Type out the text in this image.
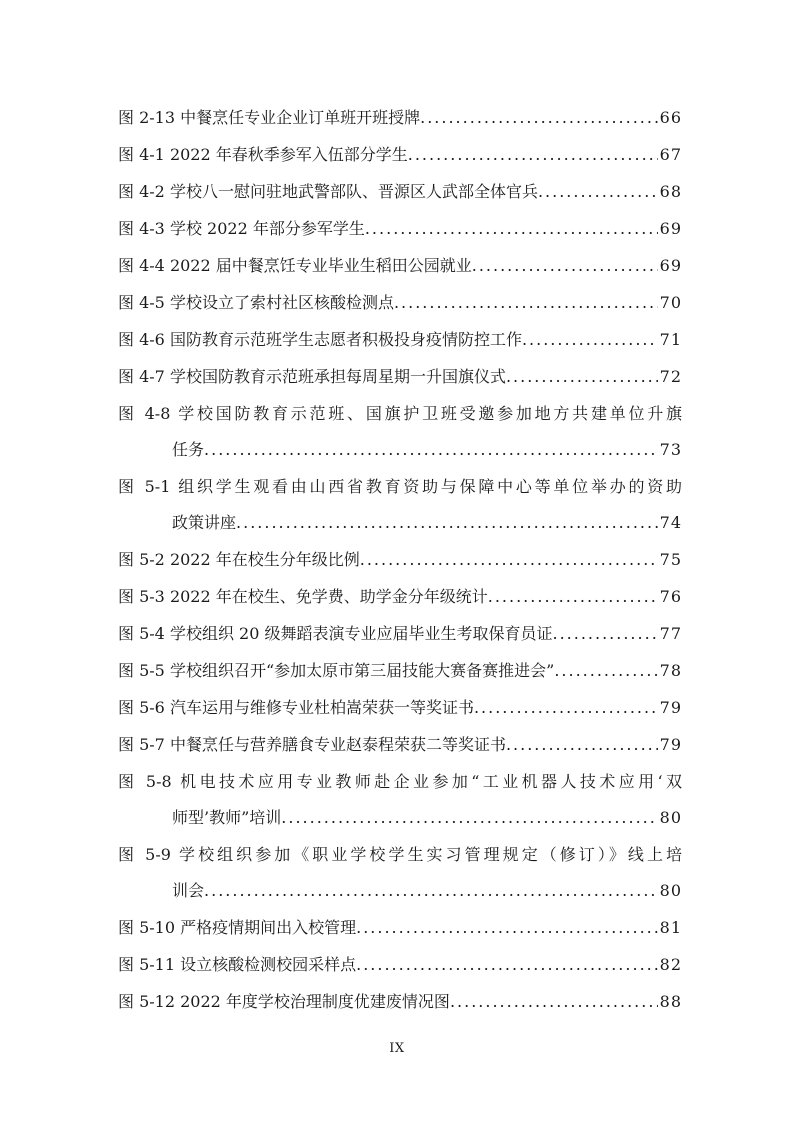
图 2-13 中餐烹任专业企业订单班开班授牌 .....	66
图 4-1 2022 年春秋季参军入伍部分学生 .....	67
图 4-2 学校八一慰问驻地武警部队、晋源区人武部全体官兵 .....	68
图 4-3 学校 2022 年部分参军学生 .....	69
图 4-4 2022 届中餐烹饪专业毕业生稻田公园就业 .....	69
图 4-5 学校设立了索村社区核酸检测点 .....	70
图 4-6 国防教育示范班学生志愿者积极投身疫情防控工作 .....	71
图 4-7 学校国防教育示范班承担每周星期一升国旗仪式 .....	72
图 4-8 学校国防教育示范班、国旗护卫班受邀参加地方共建单位升旗
任务 .....	73
图 5-1 组织学生观看由山西省教育资助与保障中心等单位举办的资助
政策讲座 .....	74
图 5-2 2022 年在校生分年级比例 .....	75
图 5-3 2022 年在校生、免学费、助学金分年级统计 .....	76
图 5-4 学校组织 20 级舞蹈表演专业应届毕业生考取保育员证 .....	77
图 5-5 学校组织召开“参加太原市第三届技能大赛备赛推进会” .....	78
图 5-6 汽车运用与维修专业杜柏嵩荣获一等奖证书 .....	79
图 5-7 中餐烹任与营养膳食专业赵泰程荣获二等奖证书 .....	79
图 5-8 机电技术应用专业教师赴企业参加“工业机器人技术应用‘双
师型’教师”培训 .....	80
图 5-9 学校组织参加《职业学校学生实习管理规定（修订）》线上培
训会 .....	80
图 5-10 严格疫情期间出入校管理 .....	81
图 5-11 设立核酸检测校园采样点 .....	82
图 5-12 2022 年度学校治理制度优建废情况图 .....	88
IX
